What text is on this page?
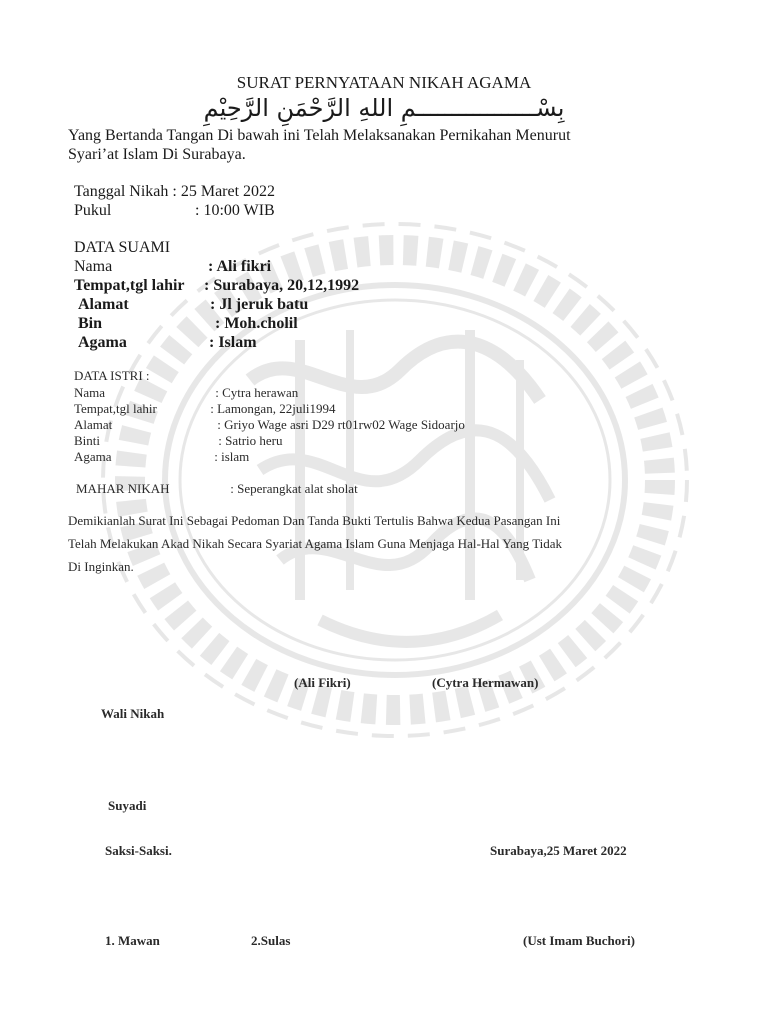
SURAT PERNYATAAN NIKAH AGAMA
بِسْـــــــــــــــــمِ اللهِ الرَّحْمَنِ الرَّحِيْمِ
Yang Bertanda Tangan Di bawah ini Telah Melaksanakan Pernikahan Menurut
Syari’at Islam Di Surabaya.
Tanggal Nikah : 25 Maret 2022
Pukul	: 10:00 WIB
DATA SUAMI
Nama	: Ali fikri
Tempat,tgl lahir : Surabaya, 20,12,1992
Alamat	: Jl jeruk batu
Bin	: Moh.cholil
Agama	: Islam
DATA ISTRI :
Nama	: Cytra herawan
Tempat,tgl lahir	: Lamongan, 22juli1994
Alamat	: Griyo Wage asri D29 rt01rw02 Wage Sidoarjo
Binti	: Satrio heru
Agama	: islam
MAHAR NIKAH	: Seperangkat alat sholat
Demikianlah Surat Ini Sebagai Pedoman Dan Tanda Bukti Tertulis Bahwa Kedua Pasangan Ini
Telah Melakukan Akad Nikah Secara Syariat Agama Islam Guna Menjaga Hal-Hal Yang Tidak
Di Inginkan.
(Ali Fikri)	(Cytra Hermawan)
Wali Nikah
Suyadi
Saksi-Saksi.	Surabaya,25 Maret 2022
1. Mawan	2.Sulas	(Ust Imam Buchori)
